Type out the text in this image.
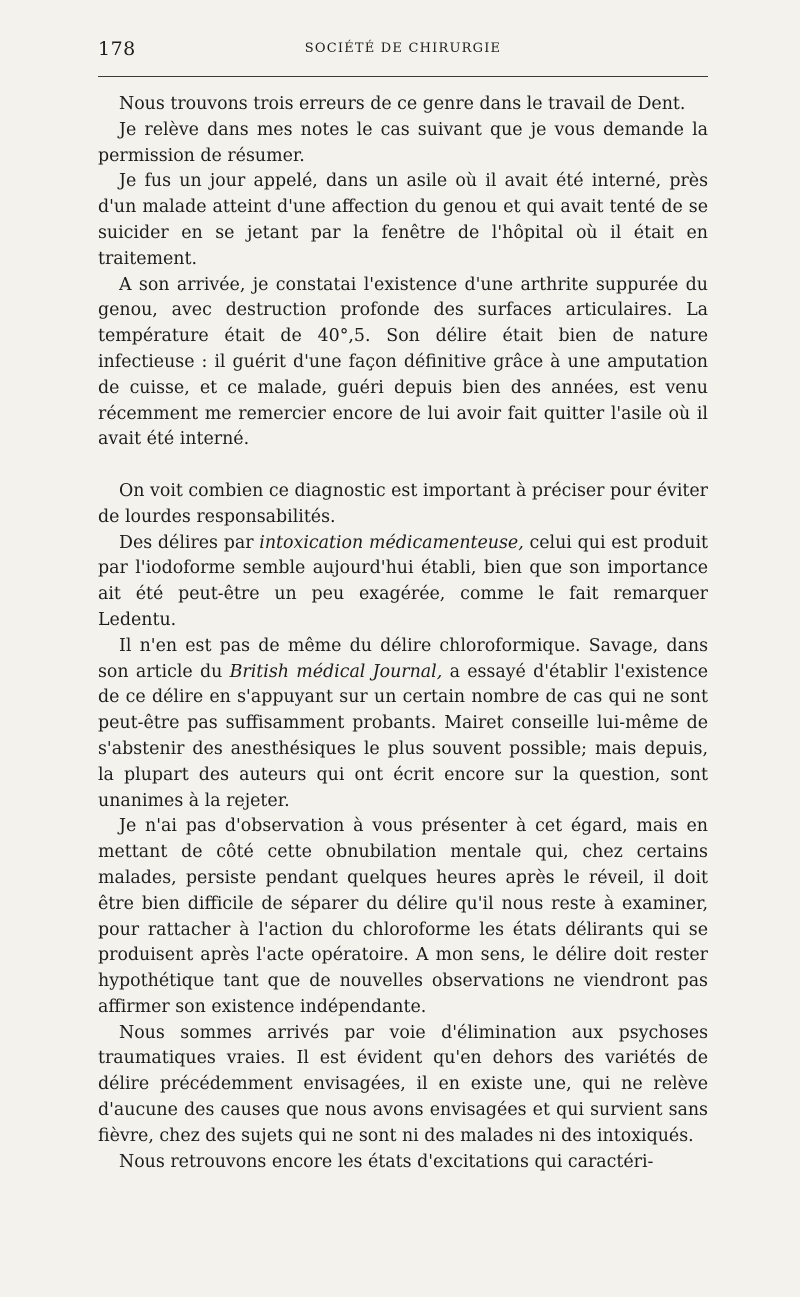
178	SOCIÉTÉ DE CHIRURGIE

Nous trouvons trois erreurs de ce genre dans le travail de Dent.

Je relève dans mes notes le cas suivant que je vous demande la permission de résumer.

Je fus un jour appelé, dans un asile où il avait été interné, près d'un malade atteint d'une affection du genou et qui avait tenté de se suicider en se jetant par la fenêtre de l'hôpital où il était en traitement.

A son arrivée, je constatai l'existence d'une arthrite suppurée du genou, avec destruction profonde des surfaces articulaires. La température était de 40°,5. Son délire était bien de nature infectieuse : il guérit d'une façon définitive grâce à une amputation de cuisse, et ce malade, guéri depuis bien des années, est venu récemment me remercier encore de lui avoir fait quitter l'asile où il avait été interné.

On voit combien ce diagnostic est important à préciser pour éviter de lourdes responsabilités.

Des délires par intoxication médicamenteuse, celui qui est produit par l'iodoforme semble aujourd'hui établi, bien que son importance ait été peut-être un peu exagérée, comme le fait remarquer Ledentu.

Il n'en est pas de même du délire chloroformique. Savage, dans son article du British médical Journal, a essayé d'établir l'existence de ce délire en s'appuyant sur un certain nombre de cas qui ne sont peut-être pas suffisamment probants. Mairet conseille lui-même de s'abstenir des anesthésiques le plus souvent possible; mais depuis, la plupart des auteurs qui ont écrit encore sur la question, sont unanimes à la rejeter.

Je n'ai pas d'observation à vous présenter à cet égard, mais en mettant de côté cette obnubilation mentale qui, chez certains malades, persiste pendant quelques heures après le réveil, il doit être bien difficile de séparer du délire qu'il nous reste à examiner, pour rattacher à l'action du chloroforme les états délirants qui se produisent après l'acte opératoire. A mon sens, le délire doit rester hypothétique tant que de nouvelles observations ne viendront pas affirmer son existence indépendante.

Nous sommes arrivés par voie d'élimination aux psychoses traumatiques vraies. Il est évident qu'en dehors des variétés de délire précédemment envisagées, il en existe une, qui ne relève d'aucune des causes que nous avons envisagées et qui survient sans fièvre, chez des sujets qui ne sont ni des malades ni des intoxiqués.

Nous retrouvons encore les états d'excitations qui caractéri-
